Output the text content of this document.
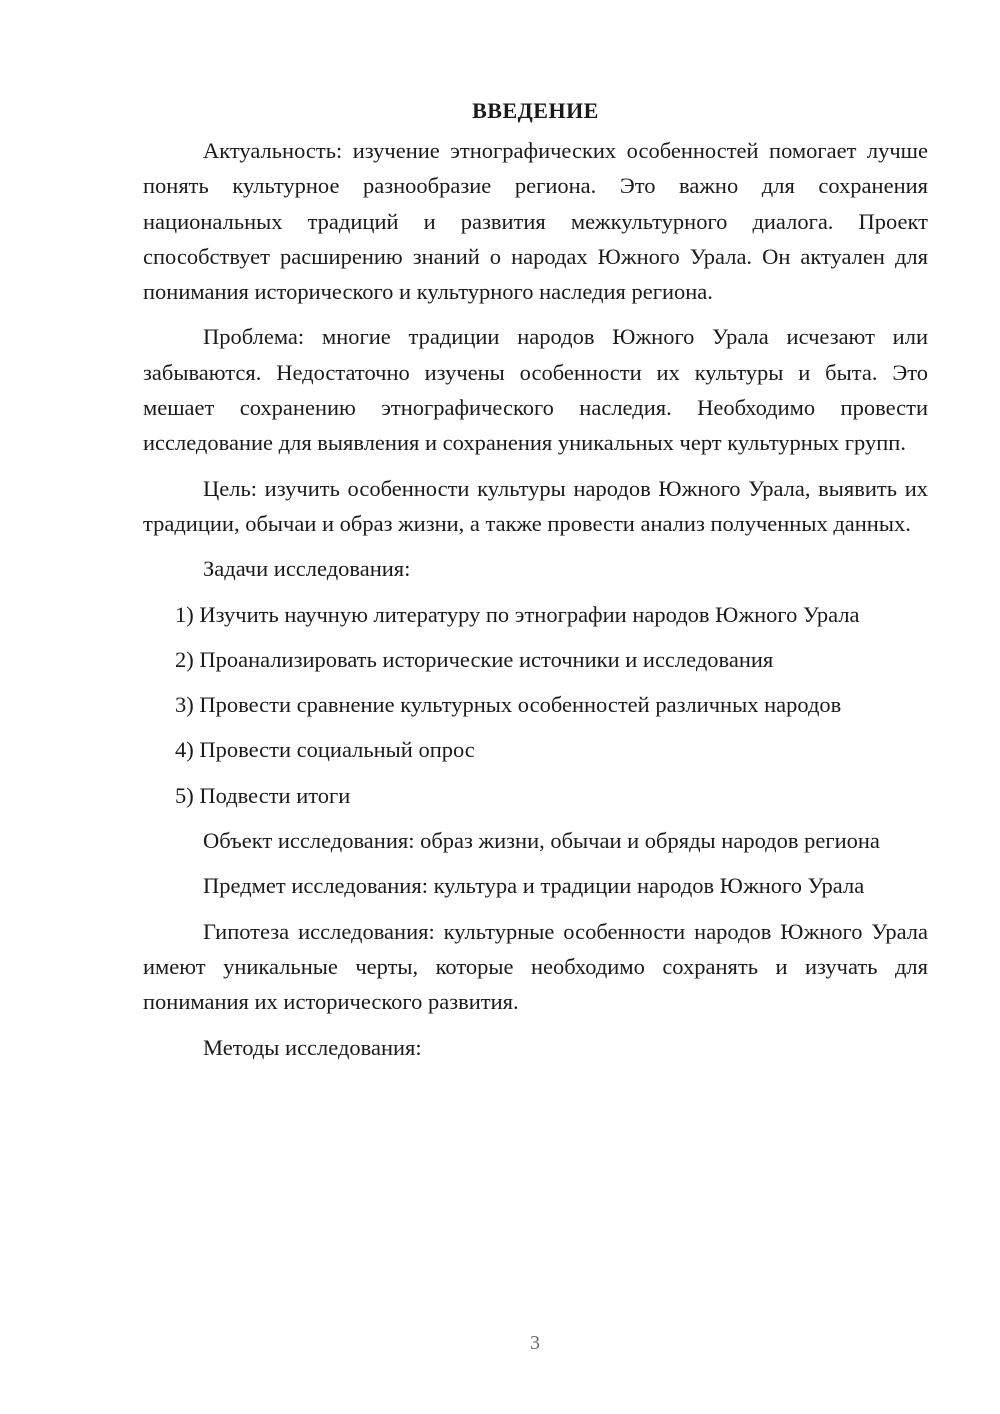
ВВЕДЕНИЕ

Актуальность: изучение этнографических особенностей помогает лучше понять культурное разнообразие региона. Это важно для сохранения национальных традиций и развития межкультурного диалога. Проект способствует расширению знаний о народах Южного Урала. Он актуален для понимания исторического и культурного наследия региона.

Проблема: многие традиции народов Южного Урала исчезают или забываются. Недостаточно изучены особенности их культуры и быта. Это мешает сохранению этнографического наследия. Необходимо провести исследование для выявления и сохранения уникальных черт культурных групп.

Цель: изучить особенности культуры народов Южного Урала, выявить их традиции, обычаи и образ жизни, а также провести анализ полученных данных.

Задачи исследования:

1) Изучить научную литературу по этнографии народов Южного Урала

2) Проанализировать исторические источники и исследования

3) Провести сравнение культурных особенностей различных народов

4) Провести социальный опрос

5) Подвести итоги

Объект исследования: образ жизни, обычаи и обряды народов региона

Предмет исследования: культура и традиции народов Южного Урала

Гипотеза исследования: культурные особенности народов Южного Урала имеют уникальные черты, которые необходимо сохранять и изучать для понимания их исторического развития.

Методы исследования:

3
